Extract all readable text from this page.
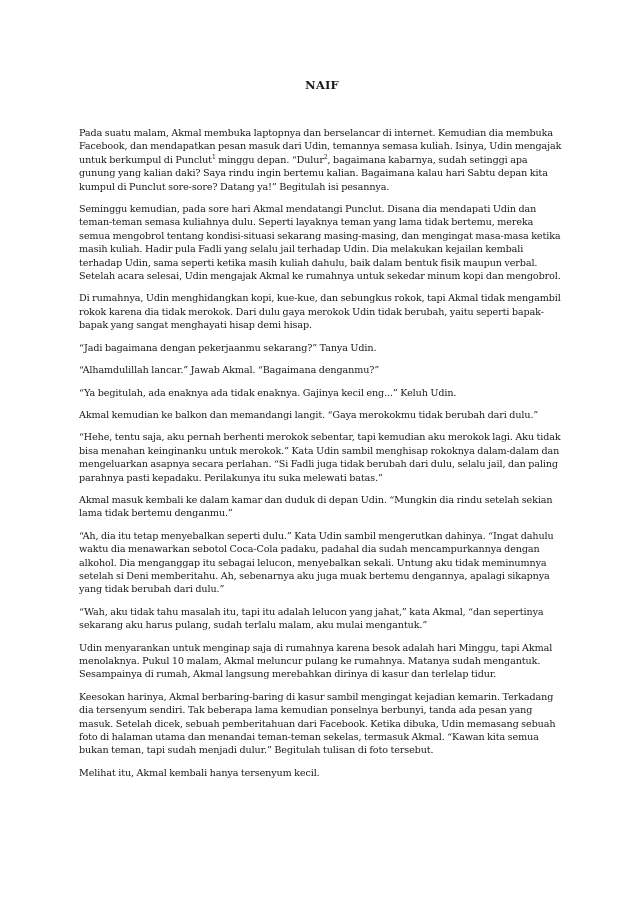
NAIF

Pada suatu malam, Akmal membuka laptopnya dan berselancar di internet. Kemudian dia membuka Facebook, dan mendapatkan pesan masuk dari Udin, temannya semasa kuliah. Isinya, Udin mengajak untuk berkumpul di Punclut$^1$ minggu depan. “Dulur$^2$, bagaimana kabarnya, sudah setinggi apa gunung yang kalian daki? Saya rindu ingin bertemu kalian. Bagaimana kalau hari Sabtu depan kita kumpul di Punclut sore-sore? Datang ya!” Begitulah isi pesannya.

Seminggu kemudian, pada sore hari Akmal mendatangi Punclut. Disana dia mendapati Udin dan teman-teman semasa kuliahnya dulu. Seperti layaknya teman yang lama tidak bertemu, mereka semua mengobrol tentang kondisi-situasi sekarang masing-masing, dan mengingat masa-masa ketika masih kuliah. Hadir pula Fadli yang selalu jail terhadap Udin. Dia melakukan kejailan kembali terhadap Udin, sama seperti ketika masih kuliah dahulu, baik dalam bentuk fisik maupun verbal. Setelah acara selesai, Udin mengajak Akmal ke rumahnya untuk sekedar minum kopi dan mengobrol.

Di rumahnya, Udin menghidangkan kopi, kue-kue, dan sebungkus rokok, tapi Akmal tidak mengambil rokok karena dia tidak merokok. Dari dulu gaya merokok Udin tidak berubah, yaitu seperti bapak-bapak yang sangat menghayati hisap demi hisap.

“Jadi bagaimana dengan pekerjaanmu sekarang?” Tanya Udin.

“Alhamdulillah lancar.” Jawab Akmal. “Bagaimana denganmu?”

“Ya begitulah, ada enaknya ada tidak enaknya. Gajinya kecil eng...” Keluh Udin.

Akmal kemudian ke balkon dan memandangi langit. “Gaya merokokmu tidak berubah dari dulu.”

“Hehe, tentu saja, aku pernah berhenti merokok sebentar, tapi kemudian aku merokok lagi. Aku tidak bisa menahan keinginanku untuk merokok.” Kata Udin sambil menghisap rokoknya dalam-dalam dan mengeluarkan asapnya secara perlahan. “Si Fadli juga tidak berubah dari dulu, selalu jail, dan paling parahnya pasti kepadaku. Perilakunya itu suka melewati batas.”

Akmal masuk kembali ke dalam kamar dan duduk di depan Udin. “Mungkin dia rindu setelah sekian lama tidak bertemu denganmu.”

“Ah, dia itu tetap menyebalkan seperti dulu.” Kata Udin sambil mengerutkan dahinya. “Ingat dahulu waktu dia menawarkan sebotol Coca-Cola padaku, padahal dia sudah mencampurkannya dengan alkohol. Dia menganggap itu sebagai lelucon, menyebalkan sekali. Untung aku tidak meminumnya setelah si Deni memberitahu. Ah, sebenarnya aku juga muak bertemu dengannya, apalagi sikapnya yang tidak berubah dari dulu.”

“Wah, aku tidak tahu masalah itu, tapi itu adalah lelucon yang jahat,” kata Akmal, “dan sepertinya sekarang aku harus pulang, sudah terlalu malam, aku mulai mengantuk.”

Udin menyarankan untuk menginap saja di rumahnya karena besok adalah hari Minggu, tapi Akmal menolaknya. Pukul 10 malam, Akmal meluncur pulang ke rumahnya. Matanya sudah mengantuk. Sesampainya di rumah, Akmal langsung merebahkan dirinya di kasur dan terlelap tidur.

Keesokan harinya, Akmal berbaring-baring di kasur sambil mengingat kejadian kemarin. Terkadang dia tersenyum sendiri. Tak beberapa lama kemudian ponselnya berbunyi, tanda ada pesan yang masuk. Setelah dicek, sebuah pemberitahuan dari Facebook. Ketika dibuka, Udin memasang sebuah foto di halaman utama dan menandai teman-teman sekelas, termasuk Akmal. “Kawan kita semua bukan teman, tapi sudah menjadi dulur.” Begitulah tulisan di foto tersebut.

Melihat itu, Akmal kembali hanya tersenyum kecil.
